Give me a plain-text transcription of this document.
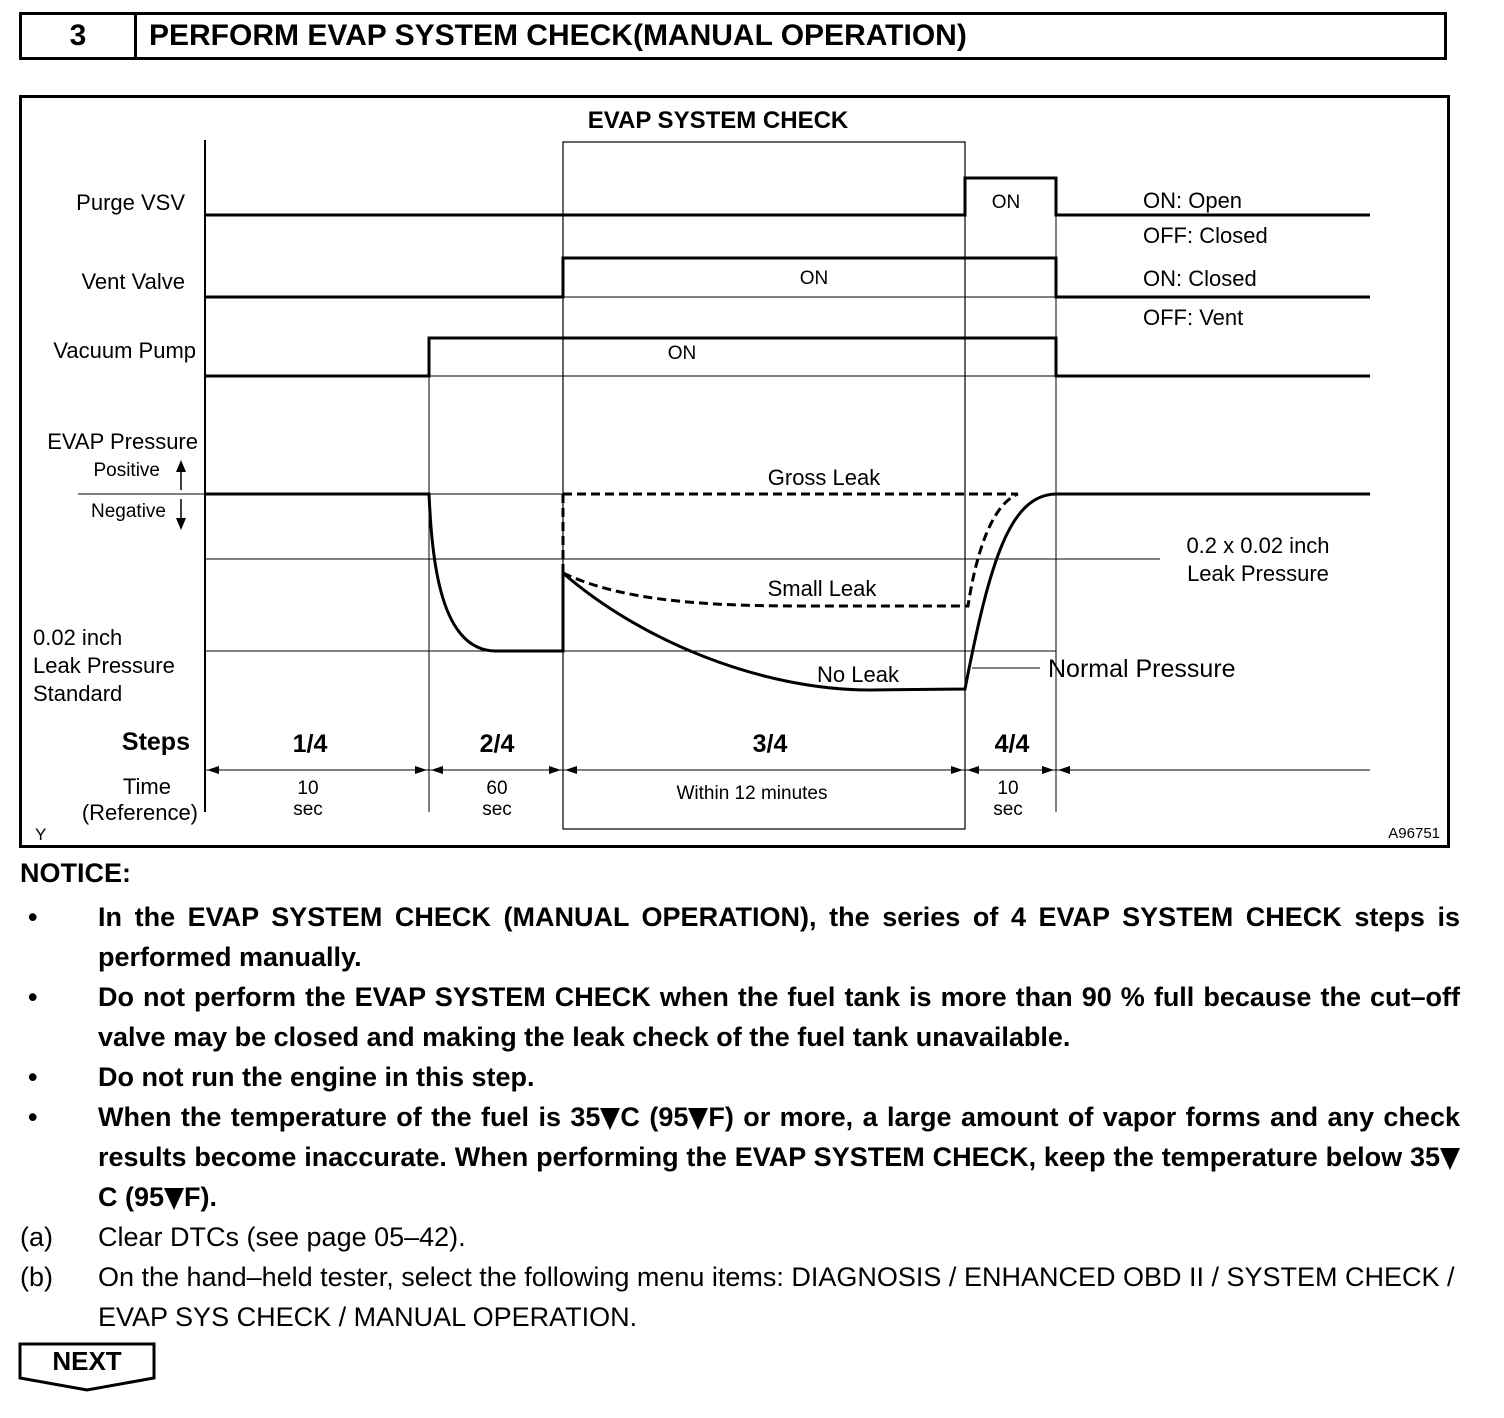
3	PERFORM EVAP SYSTEM CHECK(MANUAL OPERATION)
EVAP SYSTEM CHECK
Purge VSV
Vent Valve
Vacuum Pump
EVAP Pressure
0.02 inch
Leak Pressure
Standard
Positive
Negative
ON
ON
ON
ON: Open
OFF: Closed
ON: Closed
OFF: Vent
Gross Leak
Small Leak
No Leak
0.2 x 0.02 inch
Leak Pressure
Normal Pressure
Steps	1/4	2/4	3/4	4/4
Time
(Reference)
10
sec
60
sec
Within 12 minutes	10
sec
Y	A96751
NOTICE:
• In the EVAP SYSTEM CHECK (MANUAL OPERATION), the series of 4 EVAP SYSTEM CHECK steps is performed manually.
• Do not perform the EVAP SYSTEM CHECK when the fuel tank is more than 90 % full because the cut–off valve may be closed and making the leak check of the fuel tank unavailable.
• Do not run the engine in this step.
• When the temperature of the fuel is 35 C (95 F) or more, a large amount of vapor forms and any check results become inaccurate. When performing the EVAP SYSTEM CHECK, keep the temperature below 35C (95 F).
(a) Clear DTCs (see page 05–42).
(b) On the hand–held tester, select the following menu items: DIAGNOSIS / ENHANCED OBD II / SYSTEM CHECK / EVAP SYS CHECK / MANUAL OPERATION.
NEXT
